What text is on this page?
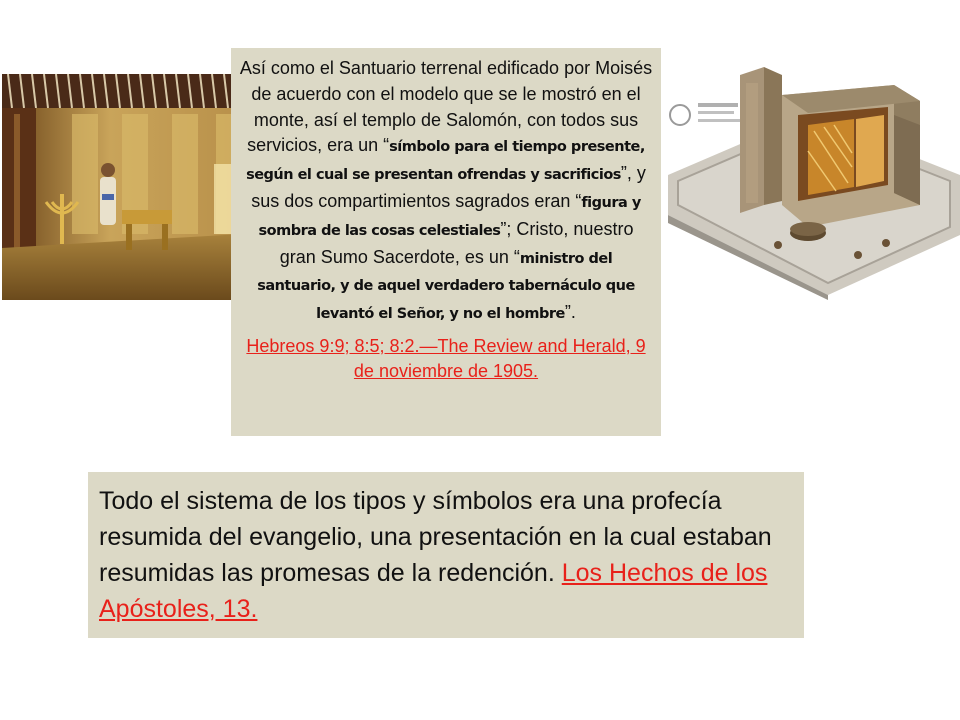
Así como el Santuario terrenal edificado por Moisés de acuerdo con el modelo que se le mostró en el monte, así el templo de Salomón, con todos sus servicios, era un “símbolo para el tiempo presente, según el cual se presentan ofrendas y sacrificios”, y sus dos compartimientos sagrados eran “figura y sombra de las cosas celestiales”; Cristo, nuestro gran Sumo Sacerdote, es un “ministro del santuario, y de aquel verdadero tabernáculo que levantó el Señor, y no el hombre”.

Hebreos 9:9; 8:5; 8:2.—The Review and Herald, 9 de noviembre de 1905.

Todo el sistema de los tipos y símbolos era una profecía resumida del evangelio, una presentación en la cual estaban resumidas las promesas de la redención. Los Hechos de los Apóstoles, 13.
